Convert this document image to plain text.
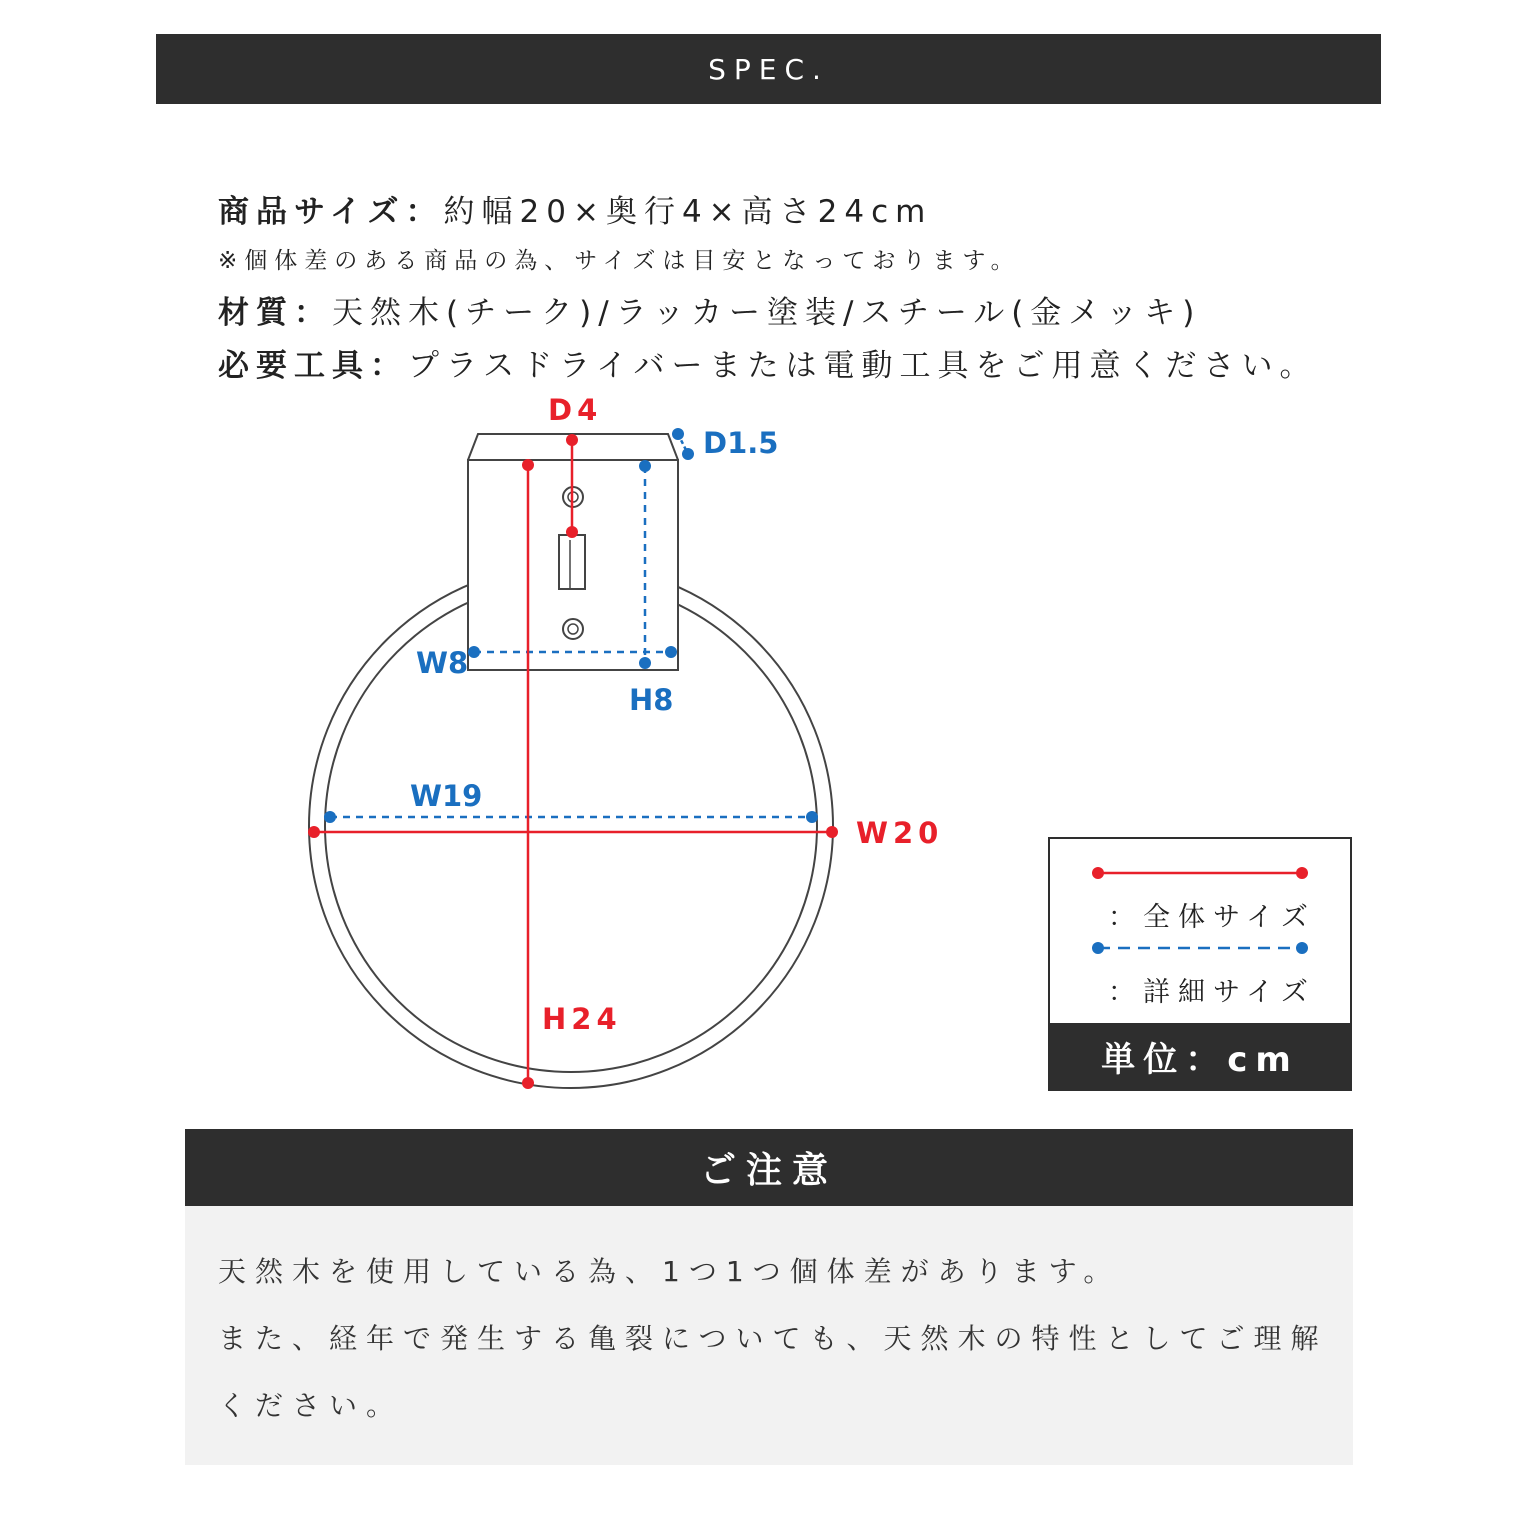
SPEC.
商品サイズ：約幅20×奥行4×高さ24cm
※個体差のある商品の為、サイズは目安となっております。
材質：天然木(チーク)/ラッカー塗装/スチール(金メッキ)
必要工具：プラスドライバーまたは電動工具をご用意ください。
D4
D1.5
W8
H8
W19
W20
H24
：全体サイズ
：詳細サイズ
単位：cm
ご注意
天然木を使用している為、1つ1つ個体差があります。
また、経年で発生する亀裂についても、天然木の特性としてご理解
ください。
